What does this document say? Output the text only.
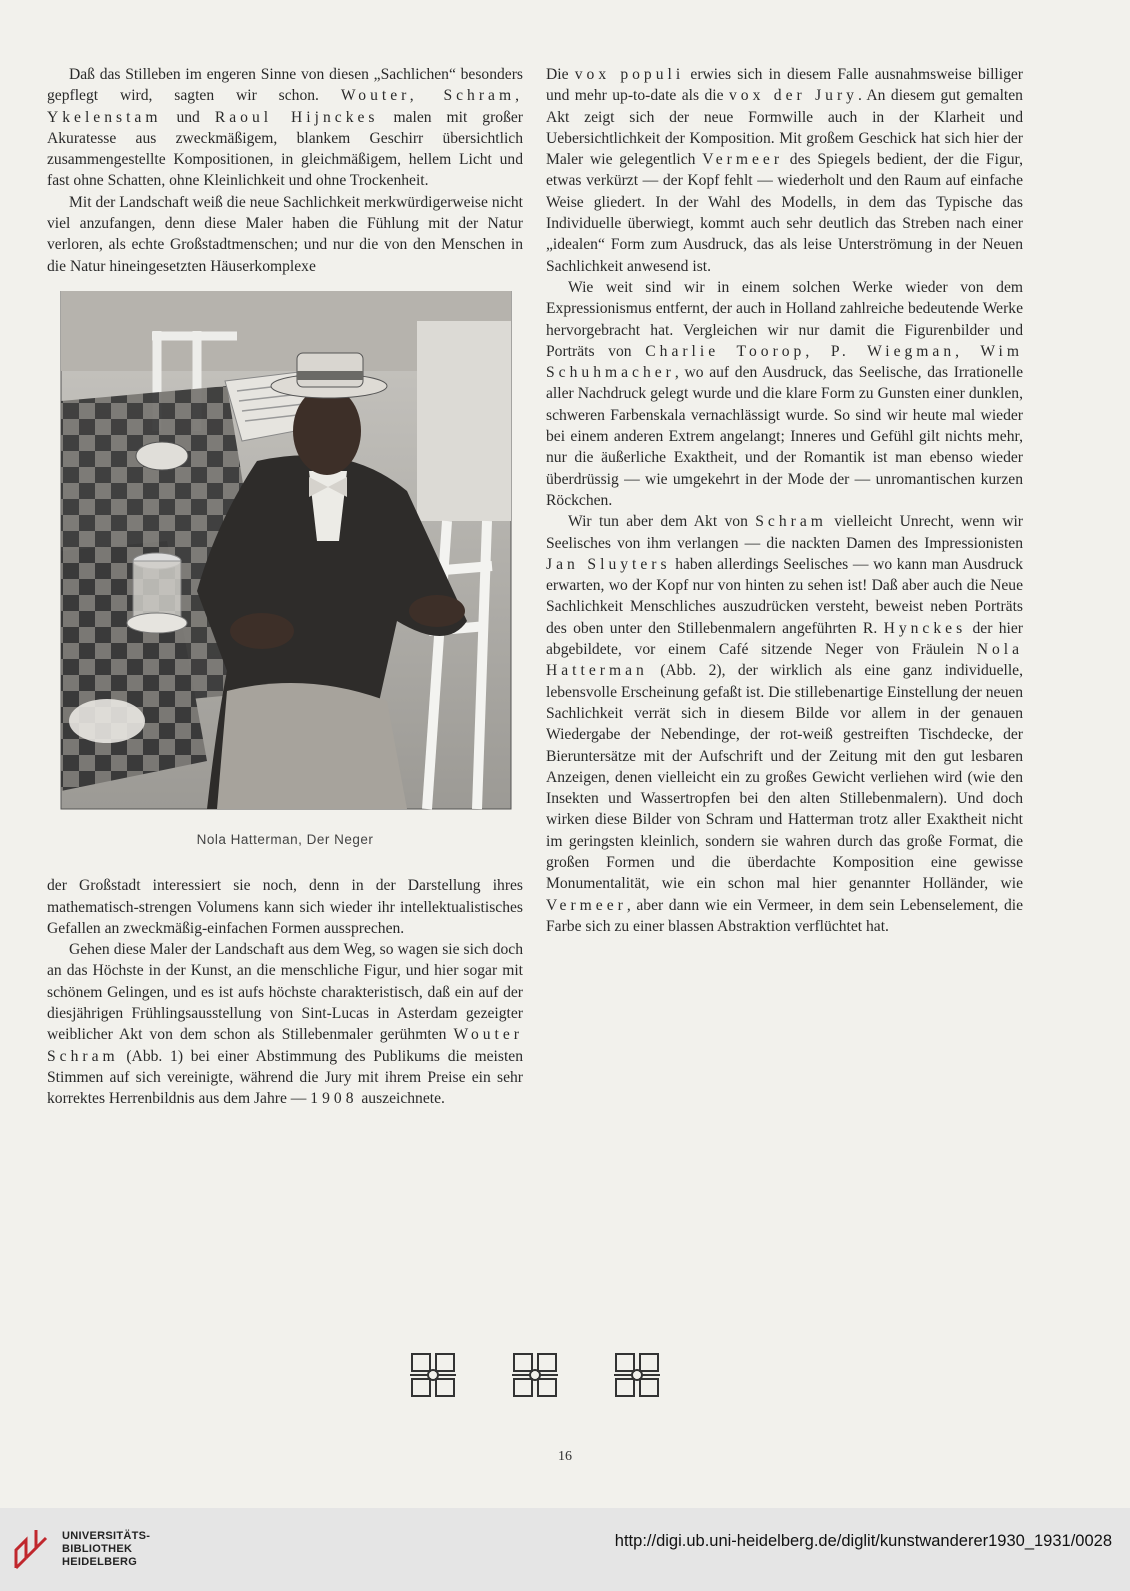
Daß das Stilleben im engeren Sinne von diesen „Sachlichen“ besonders gepflegt wird, sagten wir schon. Wouter, Schram, Ykelenstam und Raoul Hijnckes malen mit großer Akuratesse aus zweckmäßigem, blankem Geschirr übersichtlich zusammengestellte Kompositionen, in gleichmäßigem, hellem Licht und fast ohne Schatten, ohne Kleinlichkeit und ohne Trockenheit.

Mit der Landschaft weiß die neue Sachlichkeit merkwürdigerweise nicht viel anzufangen, denn diese Maler haben die Fühlung mit der Natur verloren, als echte Großstadtmenschen; und nur die von den Menschen in die Natur hineingesetzten Häuserkomplexe

Nola Hatterman, Der Neger

der Großstadt interessiert sie noch, denn in der Darstellung ihres mathematisch-strengen Volumens kann sich wieder ihr intellektualistisches Gefallen an zweckmäßig-einfachen Formen aussprechen.

Gehen diese Maler der Landschaft aus dem Weg, so wagen sie sich doch an das Höchste in der Kunst, an die menschliche Figur, und hier sogar mit schönem Gelingen, und es ist aufs höchste charakteristisch, daß ein auf der diesjährigen Frühlingsausstellung von Sint-Lucas in Asterdam gezeigter weiblicher Akt von dem schon als Stillebenmaler gerühmten Wouter Schram (Abb. 1) bei einer Abstimmung des Publikums die meisten Stimmen auf sich vereinigte, während die Jury mit ihrem Preise ein sehr korrektes Herrenbildnis aus dem Jahre — 1908 auszeichnete.

Die vox populi erwies sich in diesem Falle ausnahmsweise billiger und mehr up-to-date als die vox der Jury. An diesem gut gemalten Akt zeigt sich der neue Formwille auch in der Klarheit und Uebersichtlichkeit der Komposition. Mit großem Geschick hat sich hier der Maler wie gelegentlich Vermeer des Spiegels bedient, der die Figur, etwas verkürzt — der Kopf fehlt — wiederholt und den Raum auf einfache Weise gliedert. In der Wahl des Modells, in dem das Typische das Individuelle überwiegt, kommt auch sehr deutlich das Streben nach einer „idealen“ Form zum Ausdruck, das als leise Unterströmung in der Neuen Sachlichkeit anwesend ist.

Wie weit sind wir in einem solchen Werke wieder von dem Expressionismus entfernt, der auch in Holland zahlreiche bedeutende Werke hervorgebracht hat. Vergleichen wir nur damit die Figurenbilder und Porträts von Charlie Toorop, P. Wiegman, Wim Schuhmacher, wo auf den Ausdruck, das Seelische, das Irrationelle aller Nachdruck gelegt wurde und die klare Form zu Gunsten einer dunklen, schweren Farbenskala vernachlässigt wurde. So sind wir heute mal wieder bei einem anderen Extrem angelangt; Inneres und Gefühl gilt nichts mehr, nur die äußerliche Exaktheit, und der Romantik ist man ebenso wieder überdrüssig — wie umgekehrt in der Mode der — unromantischen kurzen Röckchen.

Wir tun aber dem Akt von Schram vielleicht Unrecht, wenn wir Seelisches von ihm verlangen — die nackten Damen des Impressionisten Jan Sluyters haben allerdings Seelisches — wo kann man Ausdruck erwarten, wo der Kopf nur von hinten zu sehen ist! Daß aber auch die Neue Sachlichkeit Menschliches auszudrücken versteht, beweist neben Porträts des oben unter den Stillebenmalern angeführten R. Hynckes der hier abgebildete, vor einem Café sitzende Neger von Fräulein Nola Hatterman (Abb. 2), der wirklich als eine ganz individuelle, lebensvolle Erscheinung gefaßt ist. Die stillebenartige Einstellung der neuen Sachlichkeit verrät sich in diesem Bilde vor allem in der genauen Wiedergabe der Nebendinge, der rot-weiß gestreiften Tischdecke, der Bieruntersätze mit der Aufschrift und der Zeitung mit den gut lesbaren Anzeigen, denen vielleicht ein zu großes Gewicht verliehen wird (wie den Insekten und Wassertropfen bei den alten Stillebenmalern). Und doch wirken diese Bilder von Schram und Hatterman trotz aller Exaktheit nicht im geringsten kleinlich, sondern sie wahren durch das große Format, die großen Formen und die überdachte Komposition eine gewisse Monumentalität, wie ein schon mal hier genannter Holländer, wie Vermeer, aber dann wie ein Vermeer, in dem sein Lebenselement, die Farbe sich zu einer blassen Abstraktion verflüchtet hat.

16
UNIVERSITÄTS-
BIBLIOTHEK
HEIDELBERG
http://digi.ub.uni-heidelberg.de/diglit/kunstwanderer1930_1931/0028
